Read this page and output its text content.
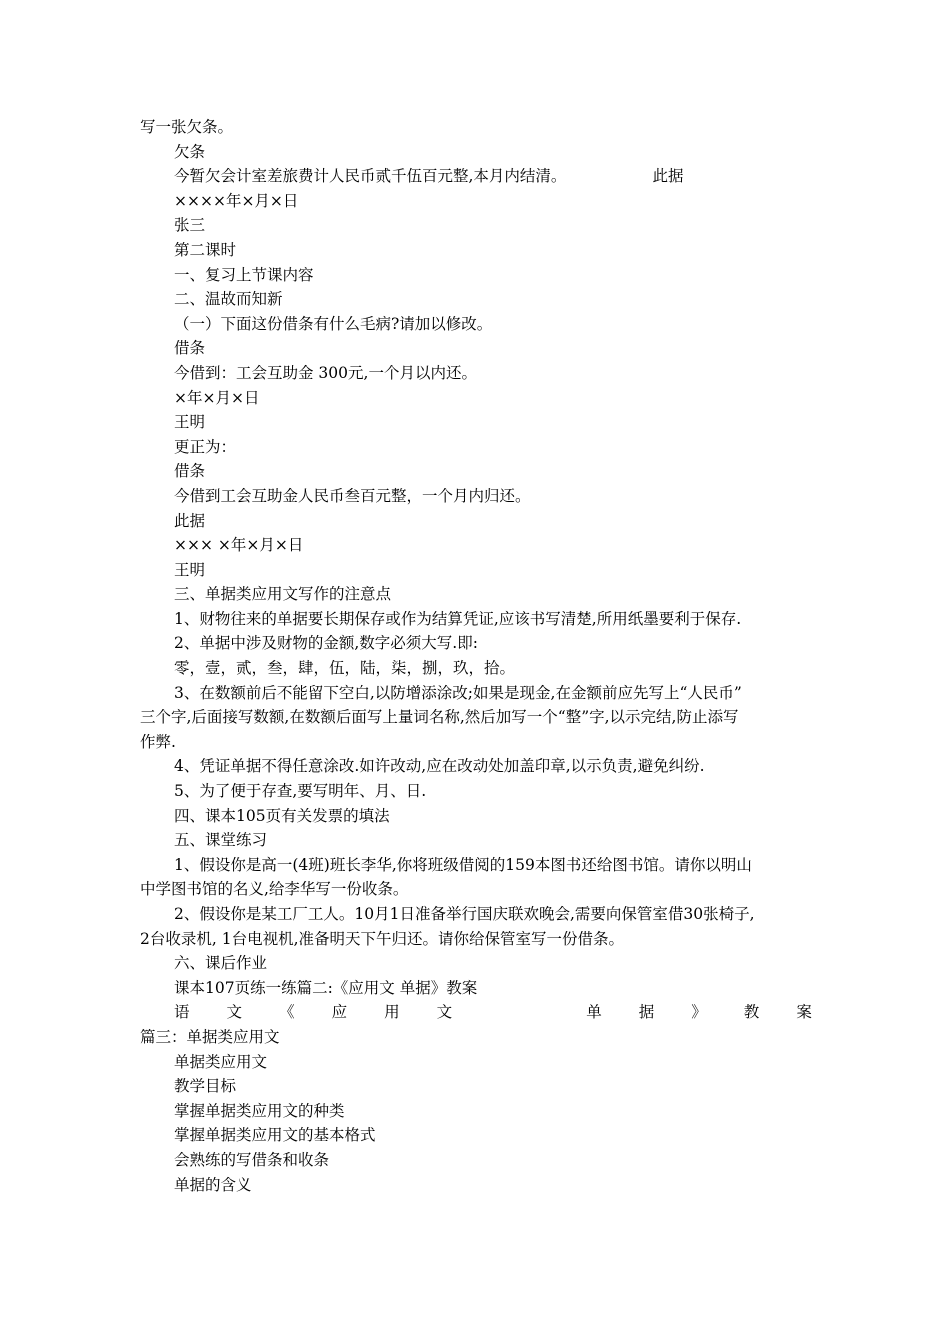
写一张欠条。
欠条
今暂欠会计室差旅费计人民币贰千伍百元整,本月内结清。	此据
××××年×月×日
张三
第二课时
一、复习上节课内容
二、温故而知新
（一）下面这份借条有什么毛病?请加以修改。
借条
今借到：工会互助金 300元,一个月以内还。
×年×月×日
王明
更正为：
借条
今借到工会互助金人民币叁百元整，一个月内归还。
此据
××× ×年×月×日
王明
三、单据类应用文写作的注意点
1、财物往来的单据要长期保存或作为结算凭证,应该书写清楚,所用纸墨要利于保存.
2、单据中涉及财物的金额,数字必须大写.即:
零，壹，贰，叁，肆，伍，陆，柒，捌，玖，拾。
3、在数额前后不能留下空白,以防增添涂改;如果是现金,在金额前应先写上“人民币”
三个字,后面接写数额,在数额后面写上量词名称,然后加写一个“整”字,以示完结,防止添写
作弊.
4、凭证单据不得任意涂改.如许改动,应在改动处加盖印章,以示负责,避免纠纷.
5、为了便于存查,要写明年、月、日.
四、课本105页有关发票的填法
五、课堂练习
1、假设你是高一(4班)班长李华,你将班级借阅的159本图书还给图书馆。请你以明山
中学图书馆的名义,给李华写一份收条。
2、假设你是某工厂工人。10月1日准备举行国庆联欢晚会,需要向保管室借30张椅子,
2台收录机, 1台电视机,准备明天下午归还。请你给保管室写一份借条。
六、课后作业
课本107页练一练篇二:《应用文 单据》教案
语 文 《 应 用 文	单 据 》 教 案
篇三：单据类应用文
单据类应用文
教学目标
掌握单据类应用文的种类
掌握单据类应用文的基本格式
会熟练的写借条和收条
单据的含义
